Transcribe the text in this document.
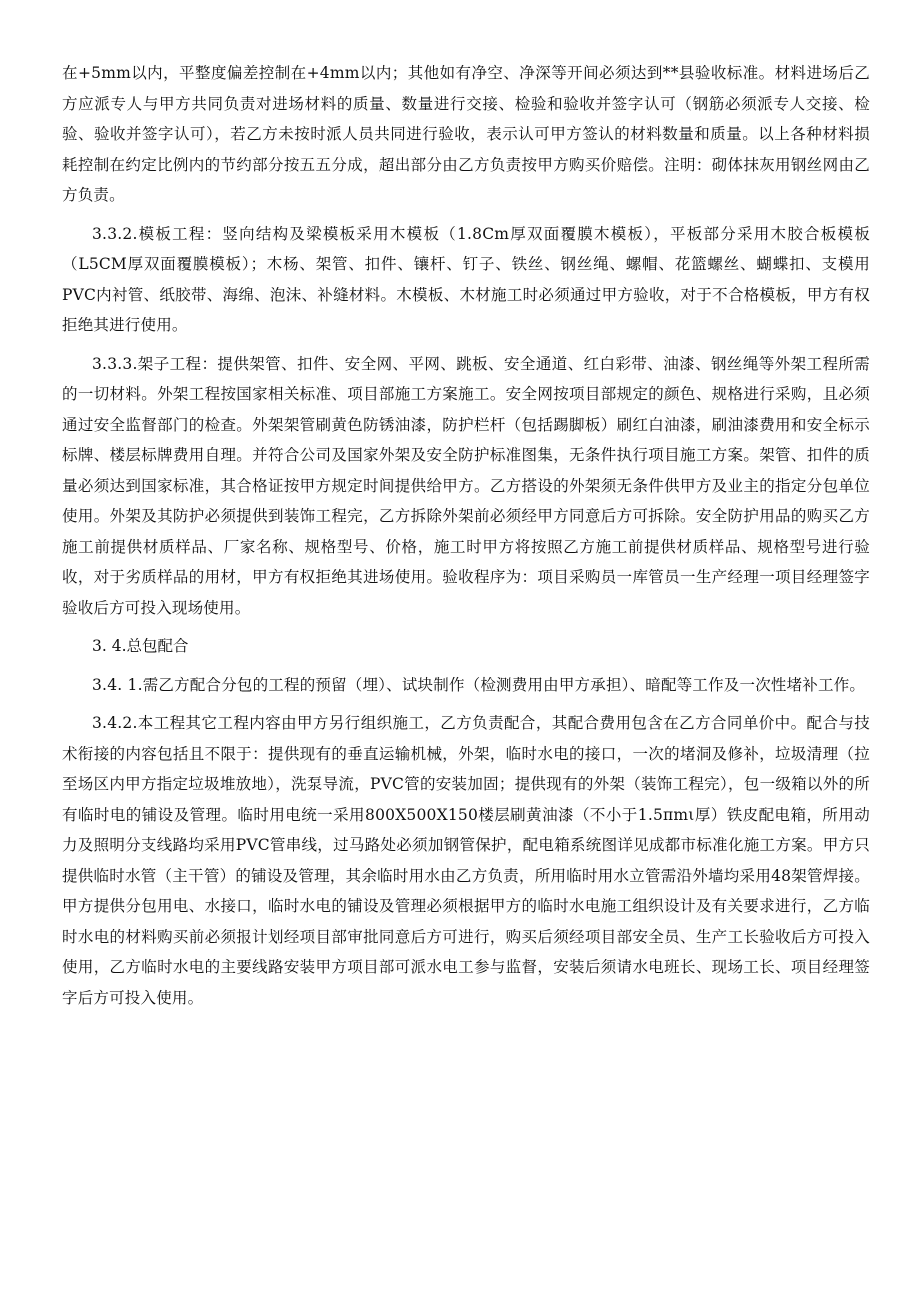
在+5mm以内，平整度偏差控制在+4mm以内；其他如有净空、净深等开间必须达到**县验收标准。材料进场后乙方应派专人与甲方共同负责对进场材料的质量、数量进行交接、检验和验收并签字认可（钢筋必须派专人交接、检验、验收并签字认可），若乙方未按时派人员共同进行验收，表示认可甲方签认的材料数量和质量。以上各种材料损耗控制在约定比例内的节约部分按五五分成，超出部分由乙方负责按甲方购买价赔偿。注明：砌体抹灰用钢丝网由乙方负责。

3.3.2.模板工程：竖向结构及梁模板采用木模板（1.8Cm厚双面覆膜木模板），平板部分采用木胶合板模板（L5CM厚双面覆膜模板）；木杨、架管、扣件、镶杆、钉子、铁丝、钢丝绳、螺帽、花篮螺丝、蝴蝶扣、支模用PVC内衬管、纸胶带、海绵、泡沫、补缝材料。木模板、木材施工时必须通过甲方验收，对于不合格模板，甲方有权拒绝其进行使用。

3.3.3.架子工程：提供架管、扣件、安全网、平网、跳板、安全通道、红白彩带、油漆、钢丝绳等外架工程所需的一切材料。外架工程按国家相关标准、项目部施工方案施工。安全网按项目部规定的颜色、规格进行采购，且必须通过安全监督部门的检查。外架架管刷黄色防锈油漆，防护栏杆（包括踢脚板）刷红白油漆，刷油漆费用和安全标示标牌、楼层标牌费用自理。并符合公司及国家外架及安全防护标准图集，无条件执行项目施工方案。架管、扣件的质量必须达到国家标准，其合格证按甲方规定时间提供给甲方。乙方搭设的外架须无条件供甲方及业主的指定分包单位使用。外架及其防护必须提供到装饰工程完，乙方拆除外架前必须经甲方同意后方可拆除。安全防护用品的购买乙方施工前提供材质样品、厂家名称、规格型号、价格，施工时甲方将按照乙方施工前提供材质样品、规格型号进行验收，对于劣质样品的用材，甲方有权拒绝其进场使用。验收程序为：项目采购员一库管员一生产经理一项目经理签字验收后方可投入现场使用。

3. 4.总包配合

3.4. 1.需乙方配合分包的工程的预留（埋）、试块制作（检测费用由甲方承担）、暗配等工作及一次性堵补工作。

3.4.2.本工程其它工程内容由甲方另行组织施工，乙方负责配合，其配合费用包含在乙方合同单价中。配合与技术衔接的内容包括且不限于：提供现有的垂直运输机械，外架，临时水电的接口，一次的堵洞及修补，垃圾清理（拉至场区内甲方指定垃圾堆放地），洗泵导流，PVC管的安装加固；提供现有的外架（装饰工程完），包一级箱以外的所有临时电的铺设及管理。临时用电统一采用800X500X150楼层刷黄油漆（不小于1.5πmι厚）铁皮配电箱，所用动力及照明分支线路均采用PVC管串线，过马路处必须加钢管保护，配电箱系统图详见成都市标准化施工方案。甲方只提供临时水管（主干管）的铺设及管理，其余临时用水由乙方负责，所用临时用水立管需沿外墙均采用48架管焊接。甲方提供分包用电、水接口，临时水电的铺设及管理必须根据甲方的临时水电施工组织设计及有关要求进行，乙方临时水电的材料购买前必须报计划经项目部审批同意后方可进行，购买后须经项目部安全员、生产工长验收后方可投入使用，乙方临时水电的主要线路安装甲方项目部可派水电工参与监督，安装后须请水电班长、现场工长、项目经理签字后方可投入使用。
